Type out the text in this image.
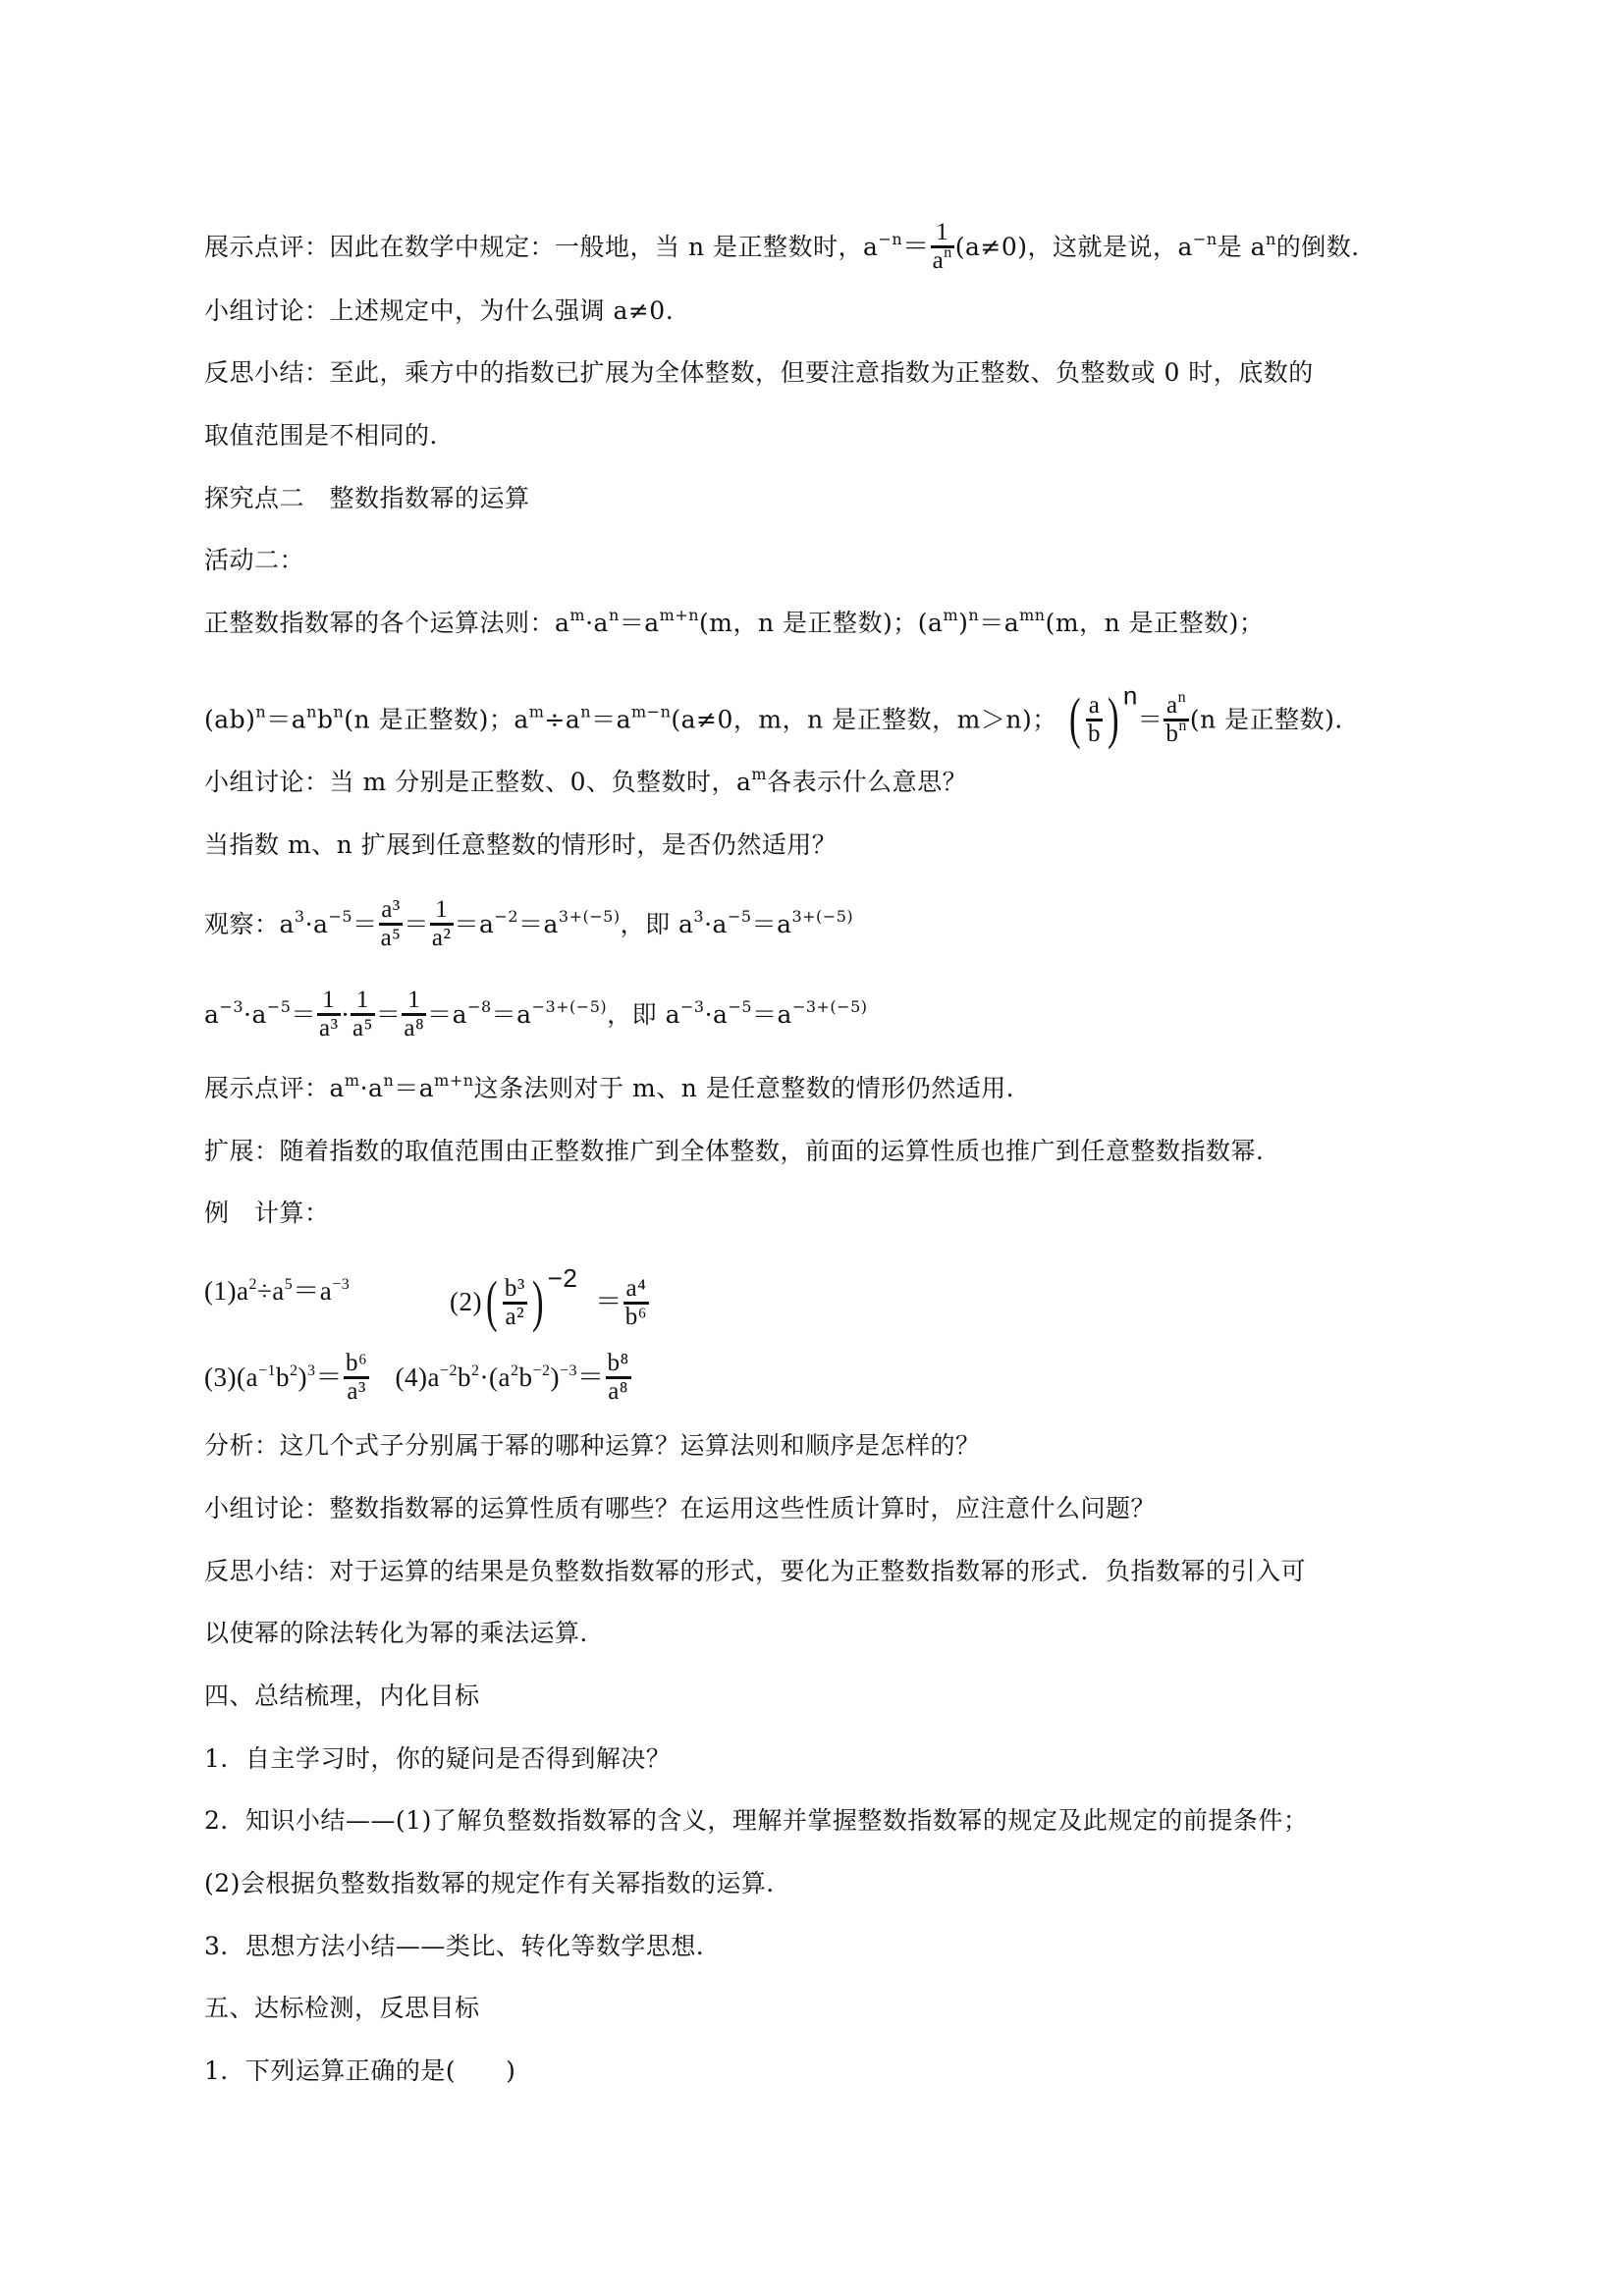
展示点评：因此在数学中规定：一般地，当 n 是正整数时，$a^{-n}= \frac{1}{a^n} (a\ne 0)$，这就是说，$a^{-n}$是 $a^n$的倒数．
小组讨论：上述规定中，为什么强调 a≠0.
反思小结：至此，乘方中的指数已扩展为全体整数，但要注意指数为正整数、负整数或 0 时，底数的
取值范围是不相同的．
探究点二　整数指数幂的运算
活动二：
正整数指数幂的各个运算法则：$a^m\cdot a^n=a^{m+n}(m$，n 是正整数)；$(a^m)^n=a^{mn}(m$，n 是正整数)；
$(ab)^n=a^nb^n(n$ 是正整数)；$a^m\div a^n=a^{m-n}(a\ne 0$，m，n 是正整数，m＞n)； ( $\frac{a}{b}$ ) $n= \frac{a^n}{b^n} (n$ 是正整数)．
小组讨论：当 m 分别是正整数、0、负整数时，$a^m$各表示什么意思？
当指数 m、n 扩展到任意整数的情形时，是否仍然适用？
观察：$a^3\cdot a^{-5}= \frac{\text{a³}}{\text{a⁵}} = \frac{1}{\text{a²}} =a^{-2}=a^{3+(-5)}$，即 $a^3\cdot a^{-5}=a^{3+(-5)}$
$a^{-3}\cdot a^{-5}= \frac{1}{\text{a³}} \cdot \frac{1}{\text{a⁵}} = \frac{1}{\text{a⁸}} =a^{-8}=a^{-3+(-5)}$，即 $a^{-3}\cdot a^{-5}=a^{-3+(-5)}$
展示点评：$a^m\cdot a^n=a^{m+n}$这条法则对于 m、n 是任意整数的情形仍然适用．
扩展：随着指数的取值范围由正整数推广到全体整数，前面的运算性质也推广到任意整数指数幂．
例　计算：
$(1)a^2\div a^5=a^{-3}$
$(2)( \frac{\text{b³}}{\text{a²}}$ ) $-2= \frac{\text{a⁴}}{\text{b⁶}}$
$(3)(a^{-1}b^2)^3= \frac{\text{b⁶}}{\text{a³}} (4)a^{-2}b^2\cdot(a^2b^{-2})^{-3}= \frac{\text{b⁸}}{\text{a⁸}}$
分析：这几个式子分别属于幂的哪种运算？运算法则和顺序是怎样的？
小组讨论：整数指数幂的运算性质有哪些？在运用这些性质计算时，应注意什么问题？
反思小结：对于运算的结果是负整数指数幂的形式，要化为正整数指数幂的形式．负指数幂的引入可
以使幂的除法转化为幂的乘法运算．
四、总结梳理，内化目标
1．自主学习时，你的疑问是否得到解决？
2．知识小结——(1)了解负整数指数幂的含义，理解并掌握整数指数幂的规定及此规定的前提条件；
(2)会根据负整数指数幂的规定作有关幂指数的运算．
3．思想方法小结——类比、转化等数学思想．
五、达标检测，反思目标
1．下列运算正确的是(　　)
